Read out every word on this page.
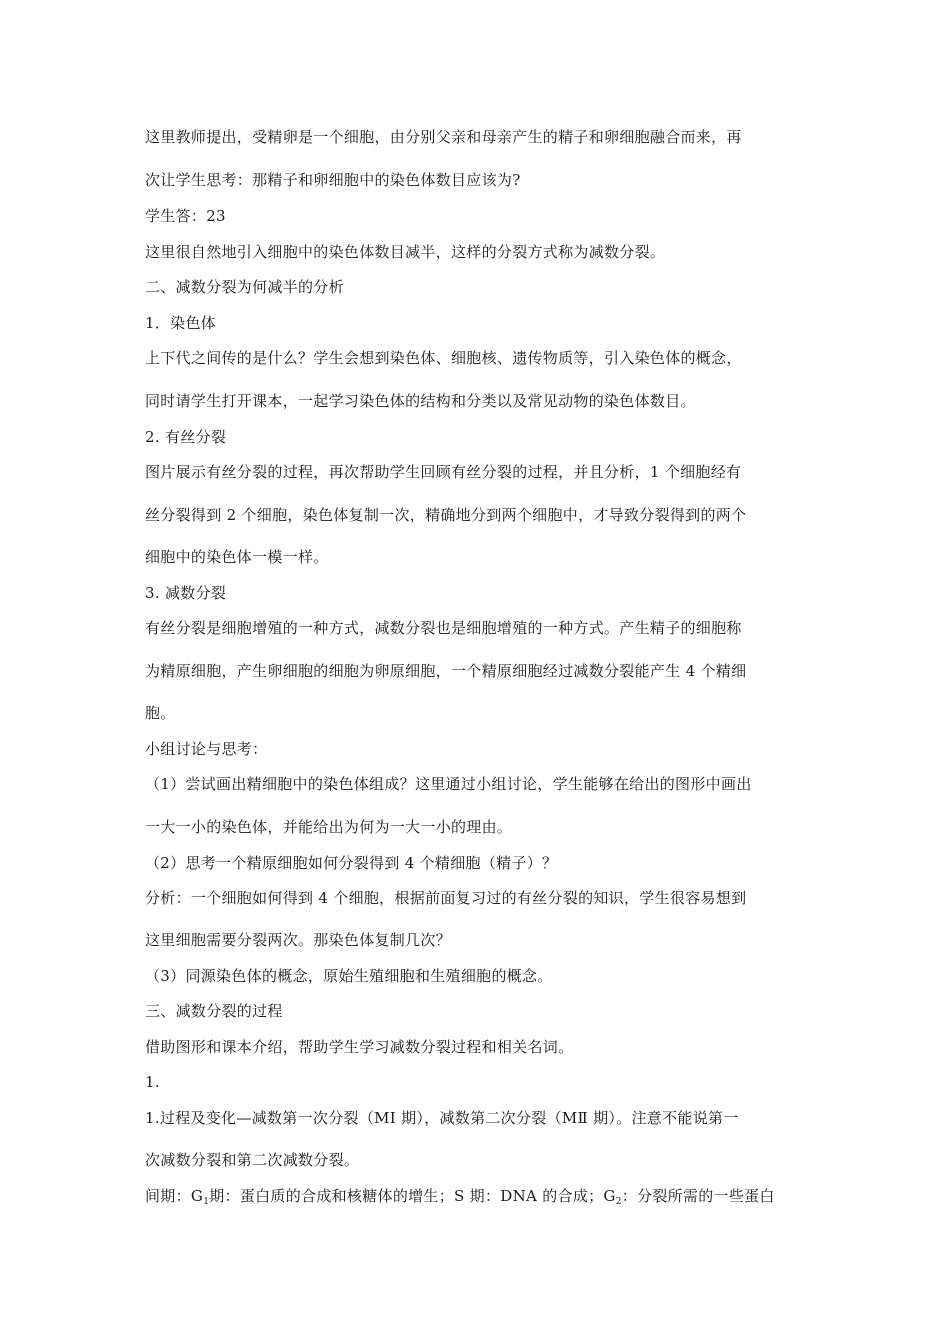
这里教师提出，受精卵是一个细胞，由分别父亲和母亲产生的精子和卵细胞融合而来，再
次让学生思考：那精子和卵细胞中的染色体数目应该为?
学生答：23
这里很自然地引入细胞中的染色体数目减半，这样的分裂方式称为减数分裂。
二、减数分裂为何减半的分析
1．染色体
上下代之间传的是什么？学生会想到染色体、细胞核、遗传物质等，引入染色体的概念，
同时请学生打开课本，一起学习染色体的结构和分类以及常见动物的染色体数目。
2. 有丝分裂
图片展示有丝分裂的过程，再次帮助学生回顾有丝分裂的过程，并且分析，1 个细胞经有
丝分裂得到 2 个细胞，染色体复制一次，精确地分到两个细胞中，才导致分裂得到的两个
细胞中的染色体一模一样。
3. 减数分裂
有丝分裂是细胞增殖的一种方式，减数分裂也是细胞增殖的一种方式。产生精子的细胞称
为精原细胞，产生卵细胞的细胞为卵原细胞，一个精原细胞经过减数分裂能产生 4 个精细
胞。
小组讨论与思考：
（1）尝试画出精细胞中的染色体组成？这里通过小组讨论，学生能够在给出的图形中画出
一大一小的染色体，并能给出为何为一大一小的理由。
（2）思考一个精原细胞如何分裂得到 4 个精细胞（精子）？
分析：一个细胞如何得到 4 个细胞，根据前面复习过的有丝分裂的知识，学生很容易想到
这里细胞需要分裂两次。那染色体复制几次？
（3）同源染色体的概念，原始生殖细胞和生殖细胞的概念。
三、减数分裂的过程
借助图形和课本介绍，帮助学生学习减数分裂过程和相关名词。
1.
1.过程及变化—减数第一次分裂（MⅠ 期），减数第二次分裂（MⅡ 期）。注意不能说第一
次减数分裂和第二次减数分裂。
间期：$G_1$期：蛋白质的合成和核糖体的增生；S 期：DNA 的合成；$G_2$：分裂所需的一些蛋白
